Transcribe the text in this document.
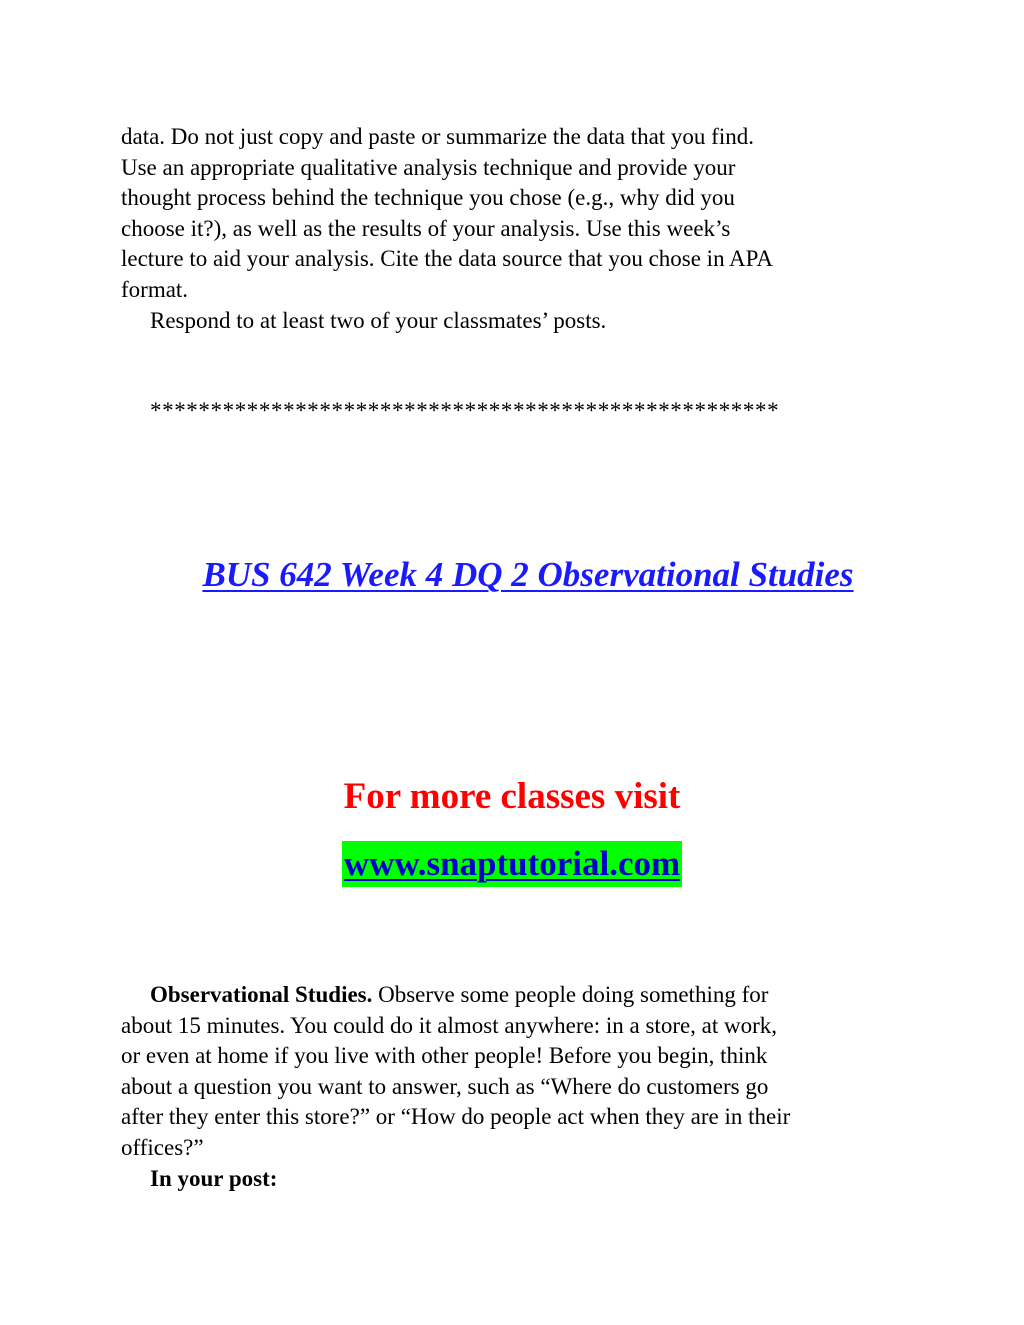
data. Do not just copy and paste or summarize the data that you find.
Use an appropriate qualitative analysis technique and provide your
thought process behind the technique you chose (e.g., why did you
choose it?), as well as the results of your analysis. Use this week’s
lecture to aid your analysis. Cite the data source that you chose in APA
format.
Respond to at least two of your classmates’ posts.
****************************************************
BUS 642 Week 4 DQ 2 Observational Studies
For more classes visit
www.snaptutorial.com
Observational Studies. Observe some people doing something for
about 15 minutes. You could do it almost anywhere: in a store, at work,
or even at home if you live with other people! Before you begin, think
about a question you want to answer, such as “Where do customers go
after they enter this store?” or “How do people act when they are in their
offices?”
In your post:
